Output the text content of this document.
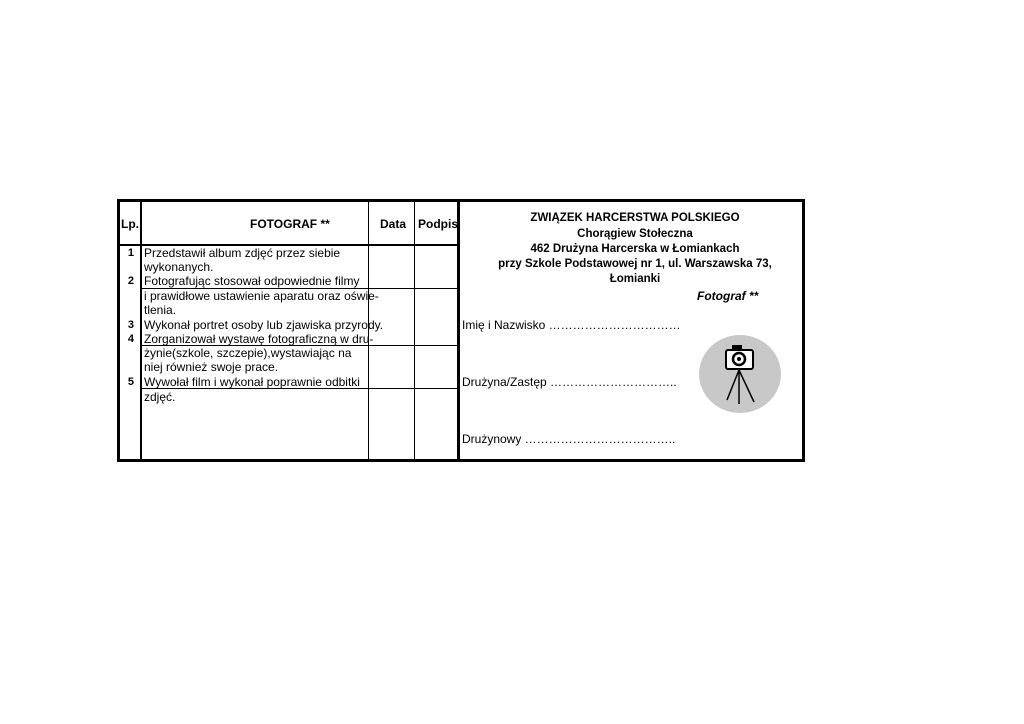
Lp.	FOTOGRAF **	Data Podpis
1 Przedstawił album zdjęć przez siebie
wykonanych.
2 Fotografując stosował odpowiednie filmy
i prawidłowe ustawienie aparatu oraz oświe-
tlenia.
3 Wykonał portret osoby lub zjawiska przyrody.
4 Zorganizował wystawę fotograficzną w dru-
żynie(szkole, szczepie),wystawiając na
niej również swoje prace.
5 Wywołał film i wykonał poprawnie odbitki
zdjęć.
ZWIĄZEK HARCERSTWA POLSKIEGO
Chorągiew Stołeczna
462 Drużyna Harcerska w Łomiankach
przy Szkole Podstawowej nr 1, ul. Warszawska 73,
Łomianki
Fotograf **
Imię i Nazwisko ……………………………
Drużyna/Zastęp …………………………..
Drużynowy ………………………………..
